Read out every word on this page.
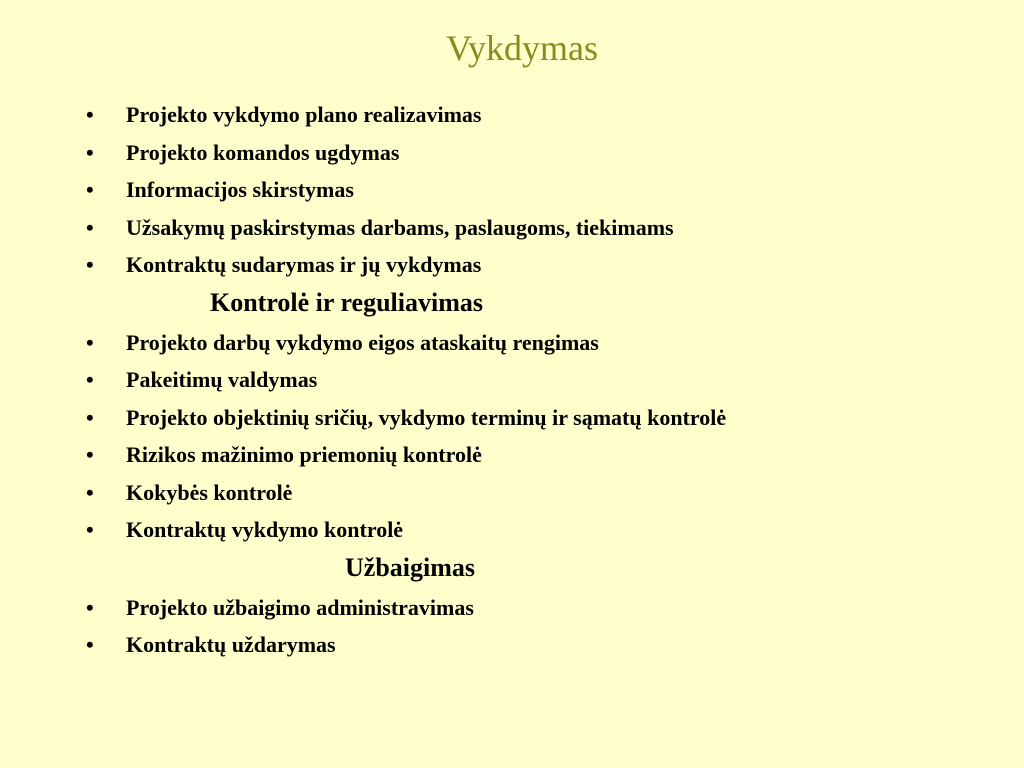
Vykdymas
• Projekto vykdymo plano realizavimas
• Projekto komandos ugdymas
• Informacijos skirstymas
• Užsakymų paskirstymas darbams, paslaugoms, tiekimams
• Kontraktų sudarymas ir jų vykdymas
Kontrolė ir reguliavimas
• Projekto darbų vykdymo eigos ataskaitų rengimas
• Pakeitimų valdymas
• Projekto objektinių sričių, vykdymo terminų ir sąmatų kontrolė
• Rizikos mažinimo priemonių kontrolė
• Kokybės kontrolė
• Kontraktų vykdymo kontrolė
Užbaigimas
• Projekto užbaigimo administravimas
• Kontraktų uždarymas
